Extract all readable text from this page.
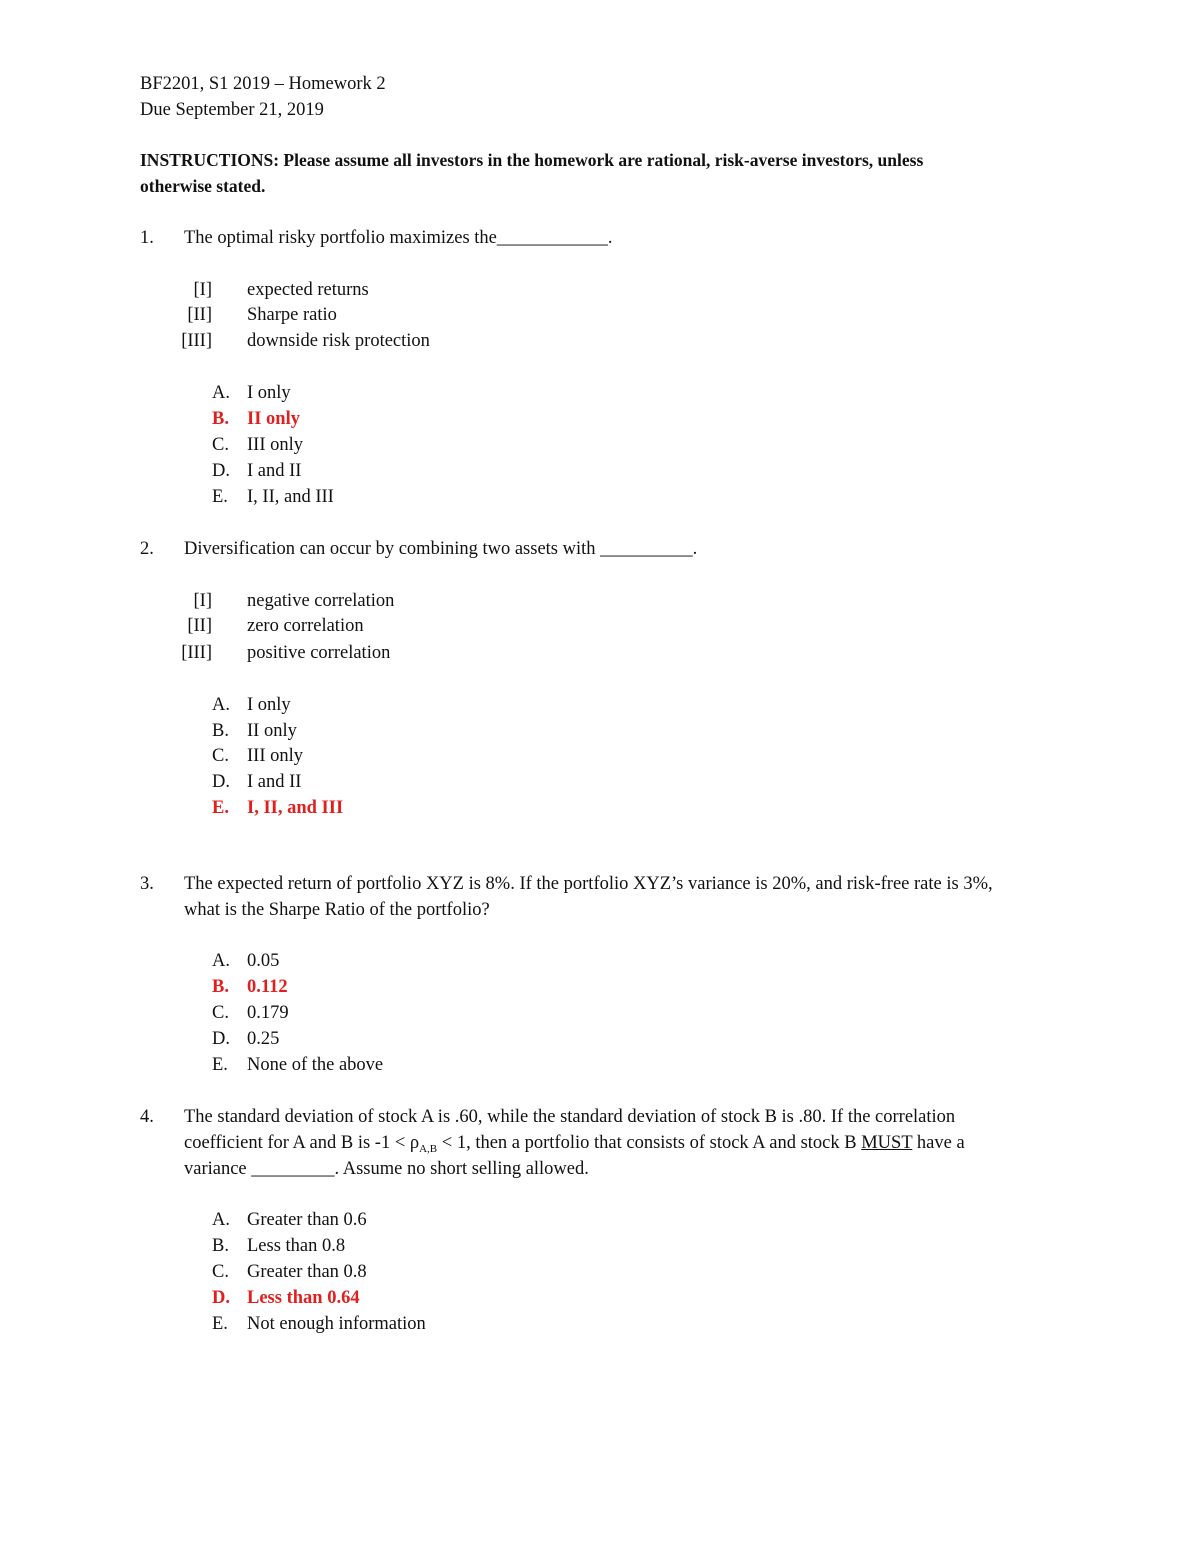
BF2201, S1 2019 – Homework 2
Due September 21, 2019
INSTRUCTIONS: Please assume all investors in the homework are rational, risk-averse investors, unless
otherwise stated.
1. The optimal risky portfolio maximizes the____________.
[I] expected returns
[II] Sharpe ratio
[III] downside risk protection
A. I only
B. II only
C. III only
D. I and II
E. I, II, and III
2. Diversification can occur by combining two assets with __________.
[I] negative correlation
[II] zero correlation
[III] positive correlation
A. I only
B. II only
C. III only
D. I and II
E. I, II, and III
3. The expected return of portfolio XYZ is 8%. If the portfolio XYZ’s variance is 20%, and risk-free rate is 3%,
what is the Sharpe Ratio of the portfolio?
A. 0.05
B. 0.112
C. 0.179
D. 0.25
E. None of the above
4. The standard deviation of stock A is .60, while the standard deviation of stock B is .80. If the correlation
coefficient for A and B is $-1 < \rho_{A,B} < 1$, then a portfolio that consists of stock A and stock B MUST have a
variance _________. Assume no short selling allowed.
A. Greater than 0.6
B. Less than 0.8
C. Greater than 0.8
D. Less than 0.64
E. Not enough information
